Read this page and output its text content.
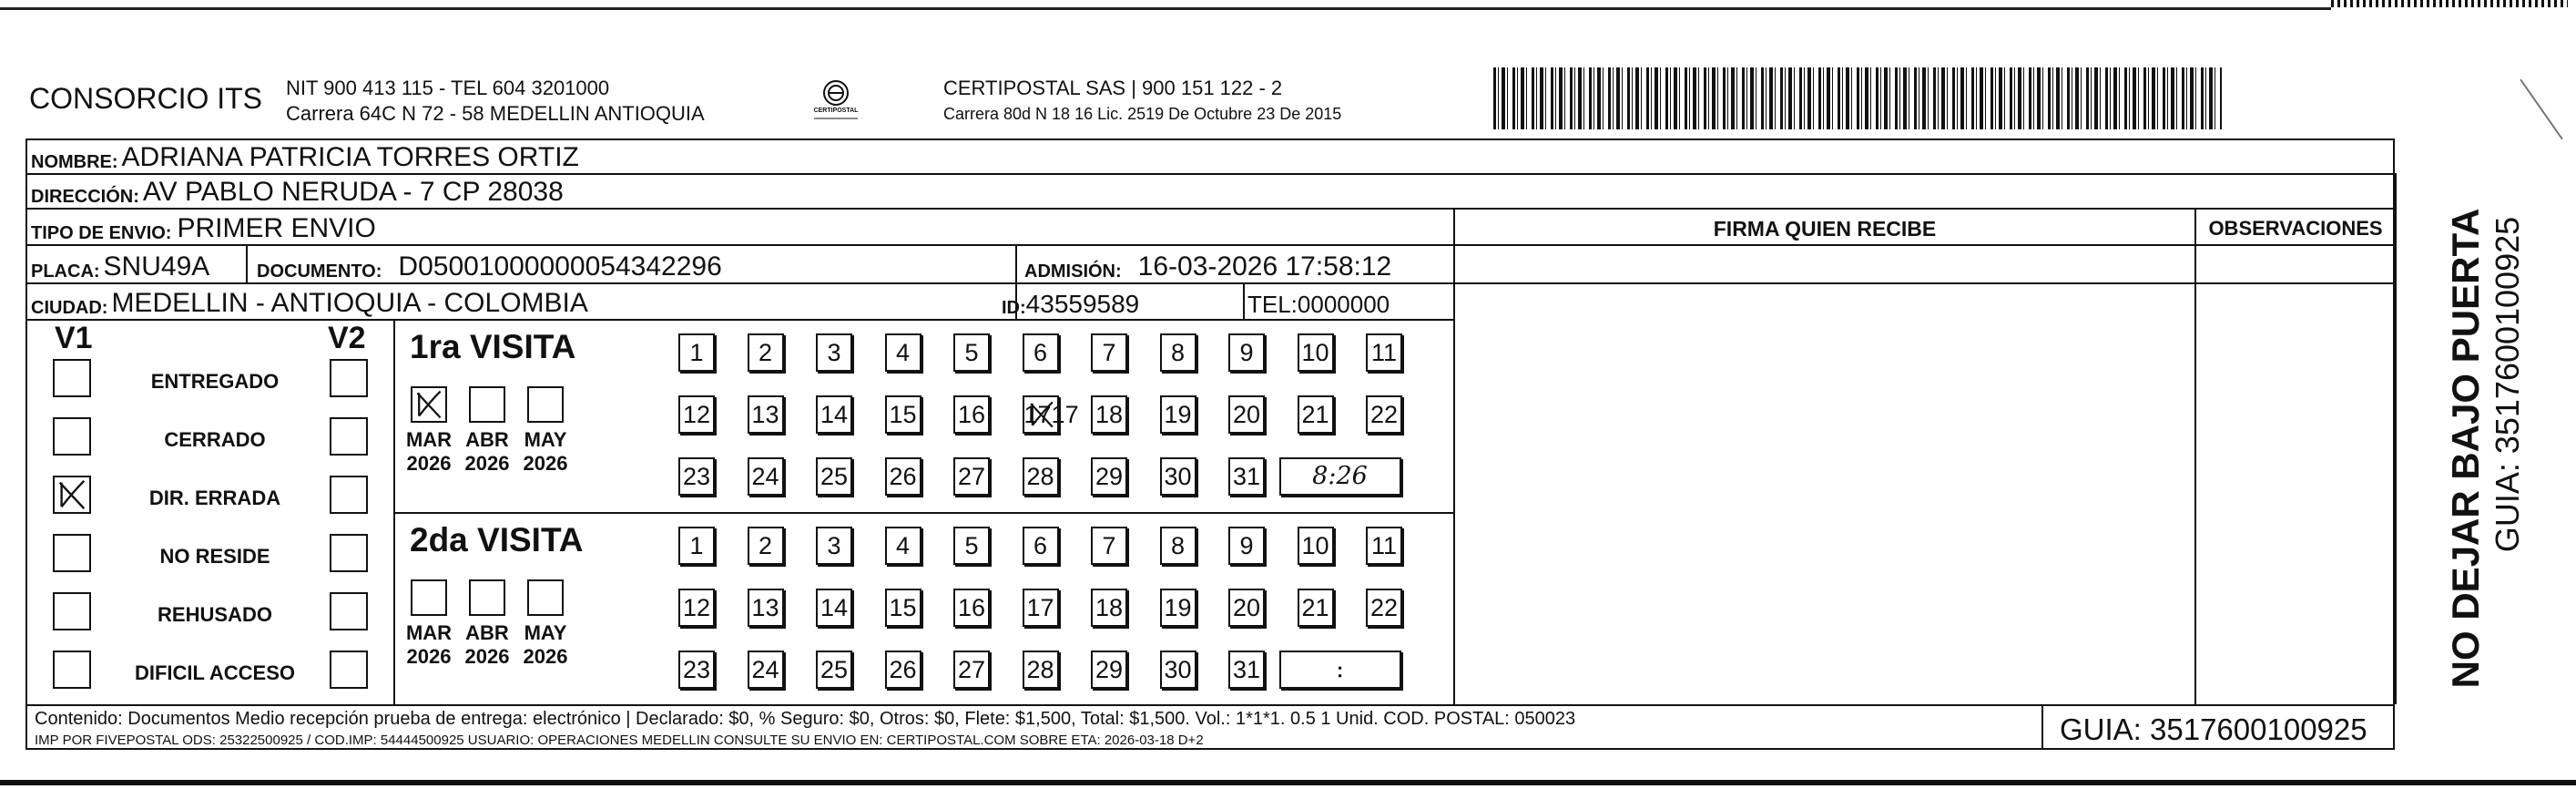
CONSORCIO ITS NIT 900 413 115 - TEL 604 3201000
Carrera 64C N 72 - 58 MEDELLIN ANTIOQUIA	CERTIPOSTAL
CERTIPOSTAL SAS | 900 151 122 - 2
Carrera 80d N 18 16 Lic. 2519 De Octubre 23 De 2015
NOMBRE: ADRIANA PATRICIA TORRES ORTIZ
DIRECCIÓN: AV PABLO NERUDA - 7 CP 28038
TIPO DE ENVIO: PRIMER ENVIO	FIRMA QUIEN RECIBE	OBSERVACIONES
PLACA: SNU49A	DOCUMENTO: D05001000000054342296	ADMISIÓN: 16-03-2026 17:58:12
CIUDAD: MEDELLIN - ANTIOQUIA - COLOMBIA	ID: 43559589	TEL: 0000000	NO DEJAR BAJO PUERTA GUIA: 3517600100925
V1	V2
ENTREGADO
CERRADO
DIR. ERRADA
NO RESIDE
REHUSADO
DIFICIL ACCESO
1ra VISITA
MAR
2026
ABR
2026
MAY
2026
1	2	3	4	5	6	7	8	9	10 11
12 13 14 15 16 1717 18 19 20 21 22
23 24 25 26 27 28 29 30 31	8:26
2da VISITA
MAR
2026
ABR
2026
MAY
2026
1	2	3	4	5	6	7	8	9	10 11
12 13 14 15 16 17 18 19 20 21 22
23 24 25 26 27 28 29 30 31	:
Contenido: Documentos Medio recepción prueba de entrega: electrónico | Declarado: $0, % Seguro: $0, Otros: $0, Flete: $1,500, Total: $1,500. Vol.: 1*1*1. 0.5 1 Unid. COD. POSTAL: 050023
IMP POR FIVEPOSTAL ODS: 25322500925 / COD.IMP: 54444500925 USUARIO: OPERACIONES MEDELLIN CONSULTE SU ENVIO EN: CERTIPOSTAL.COM SOBRE ETA: 2026-03-18 D+2	GUIA: 3517600100925
